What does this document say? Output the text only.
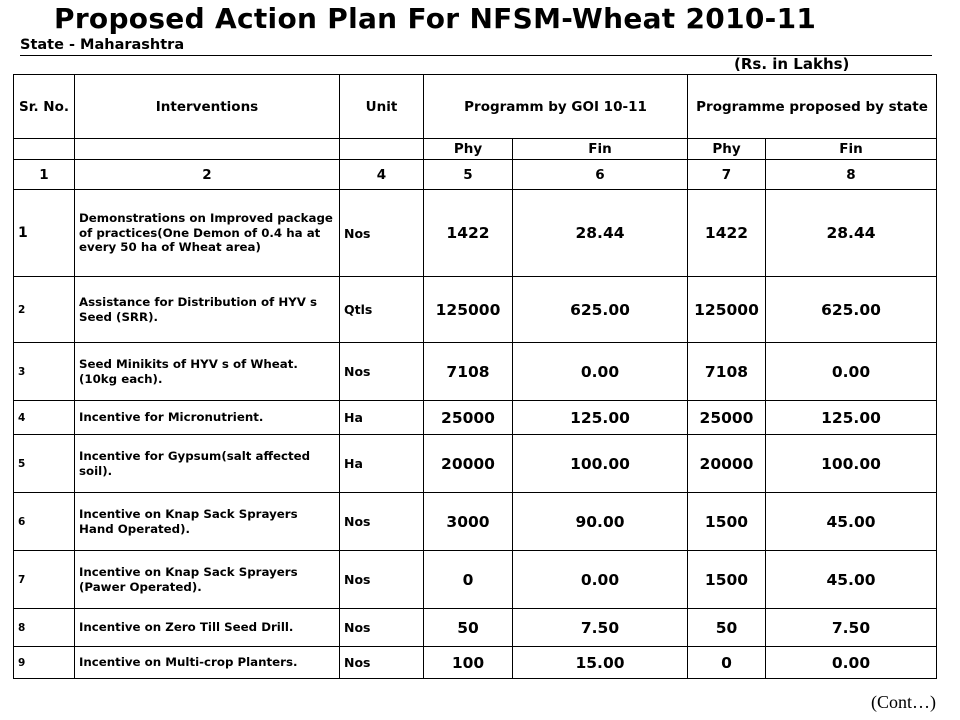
Proposed Action Plan For NFSM-Wheat 2010-11
State - Maharashtra
(Rs. in Lakhs)
Sr. No.	Interventions	Unit	Programm by GOI 10-11		Programme proposed by state	
			Phy	Fin	Phy	Fin
1	2	4	5	6	7	8
1	Demonstrations on Improved package of practices(One Demon of 0.4 ha at every 50 ha of Wheat area)	Nos	1422	28.44	1422	28.44
2	Assistance for Distribution of HYV s Seed (SRR).	Qtls	125000	625.00	125000	625.00
3	Seed Minikits of HYV s of Wheat. (10kg each).	Nos	7108	0.00	7108	0.00
4	Incentive for Micronutrient.	Ha	25000	125.00	25000	125.00
5	Incentive for Gypsum(salt affected soil).	Ha	20000	100.00	20000	100.00
6	Incentive on Knap Sack Sprayers Hand Operated).	Nos	3000	90.00	1500	45.00
7	Incentive on Knap Sack Sprayers (Pawer Operated).	Nos	0	0.00	1500	45.00
8	Incentive on Zero Till Seed Drill.	Nos	50	7.50	50	7.50
9	Incentive on Multi-crop Planters.	Nos	100	15.00	0	0.00
(Cont…)
